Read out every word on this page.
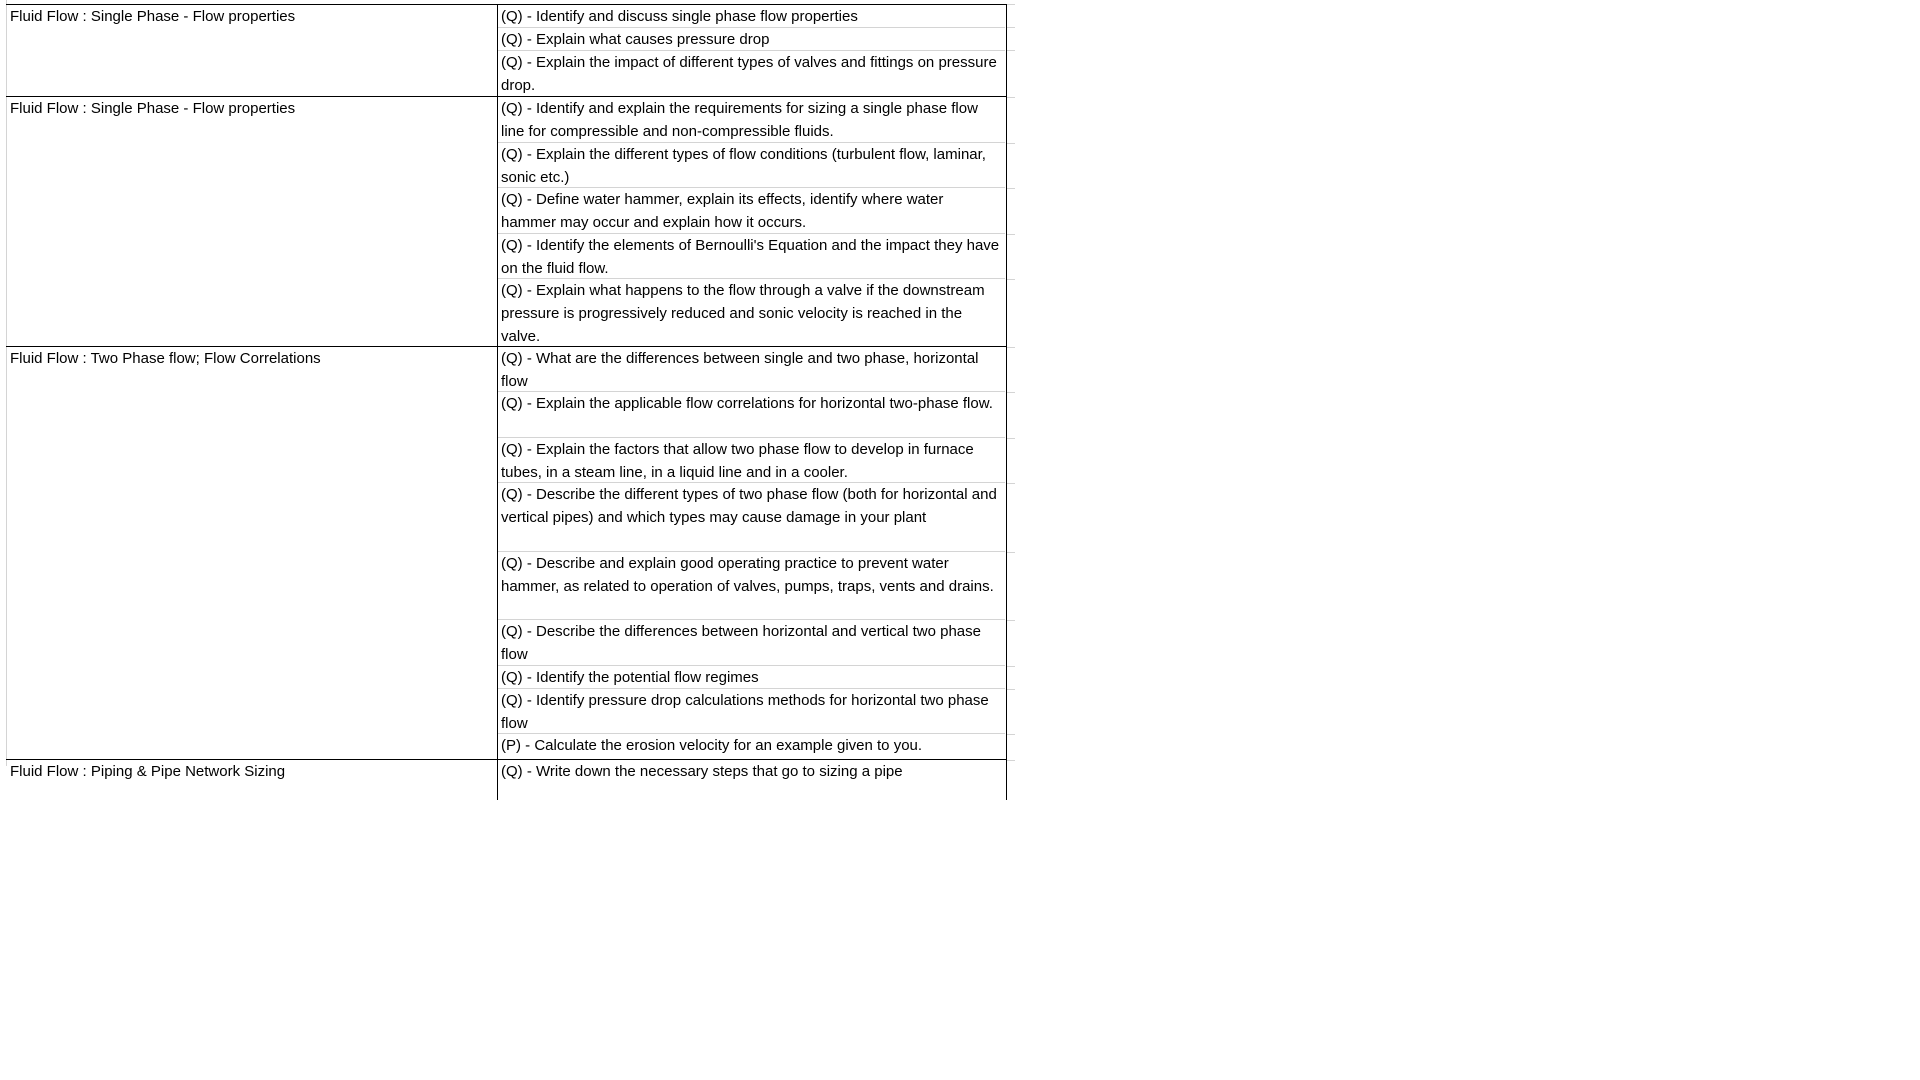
Fluid Flow : Single Phase - Flow properties	(Q) - Identify and discuss single phase flow properties
(Q) - Explain what causes pressure drop
(Q) - Explain the impact of different types of valves and fittings on pressure drop.
Fluid Flow : Single Phase - Flow properties	(Q) - Identify and explain the requirements for sizing a single phase flow line for compressible and non-compressible fluids.
(Q) - Explain the different types of flow conditions (turbulent flow, laminar, sonic etc.)
(Q) - Define water hammer, explain its effects, identify where water hammer may occur and explain how it occurs.
(Q) - Identify the elements of Bernoulli's Equation and the impact they have on the fluid flow.
(Q) - Explain what happens to the flow through a valve if the downstream pressure is progressively reduced and sonic velocity is reached in the valve.
Fluid Flow : Two Phase flow; Flow Correlations	(Q) - What are the differences between single and two phase, horizontal flow
(Q) - Explain the applicable flow correlations for horizontal two-phase flow.
(Q) - Explain the factors that allow two phase flow to develop in furnace tubes, in a steam line, in a liquid line and in a cooler.
(Q) - Describe the different types of two phase flow (both for horizontal and vertical pipes) and which types may cause damage in your plant
(Q) - Describe and explain good operating practice to prevent water hammer, as related to operation of valves, pumps, traps, vents and drains.
(Q) - Describe the differences between horizontal and vertical two phase flow
(Q) - Identify the potential flow regimes
(Q) - Identify pressure drop calculations methods for horizontal two phase flow
(P) - Calculate the erosion velocity for an example given to you.
Fluid Flow : Piping & Pipe Network Sizing	(Q) - Write down the necessary steps that go to sizing a pipe
